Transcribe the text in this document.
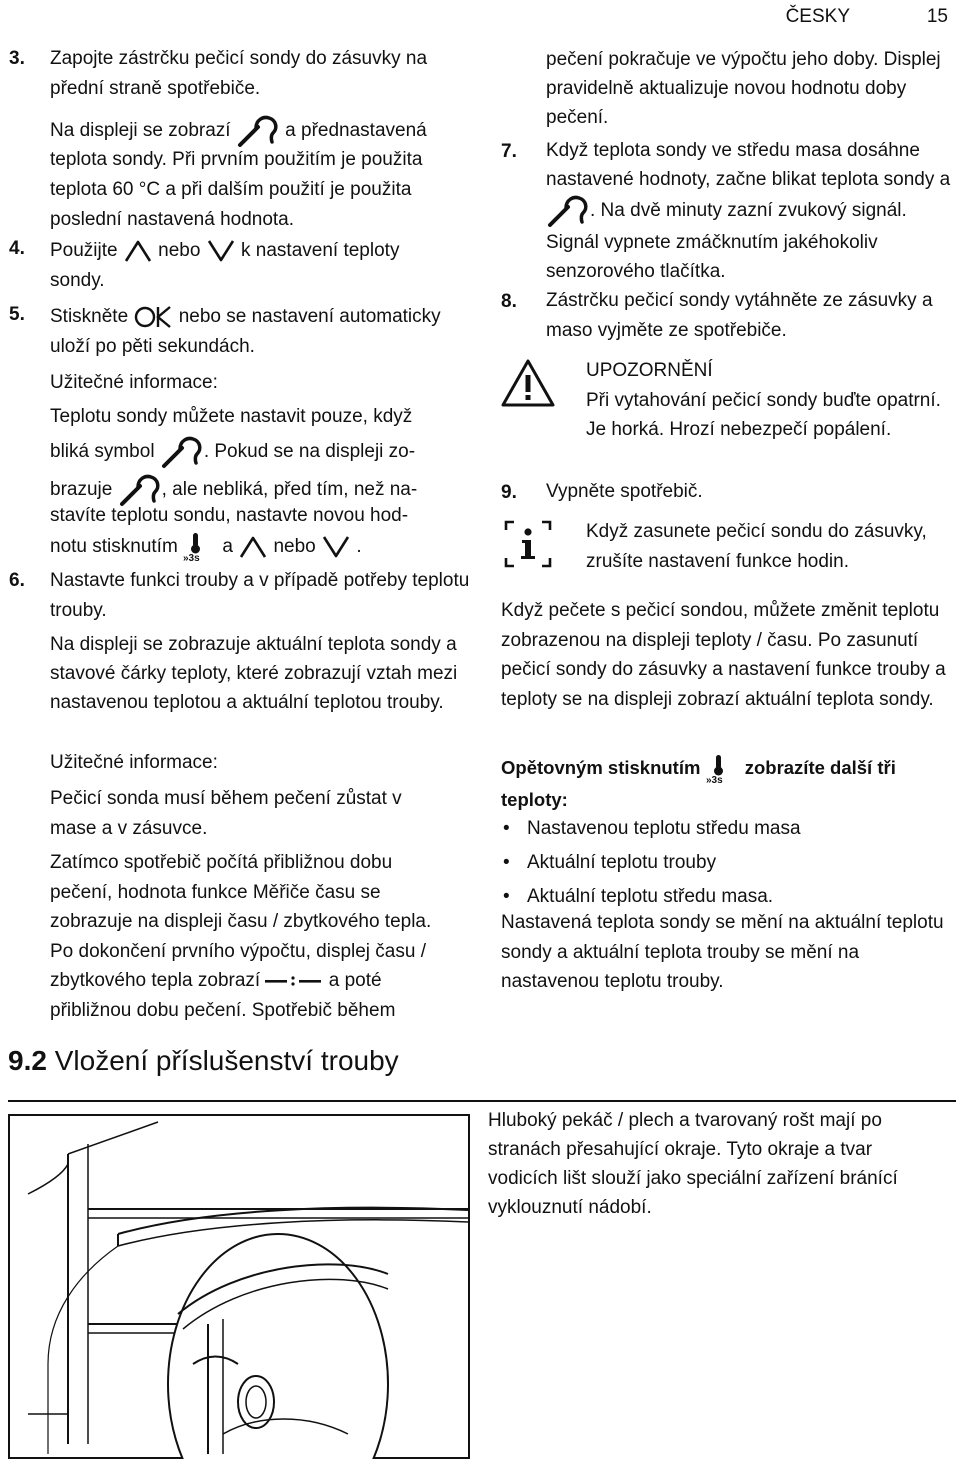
ČESKY	15
3. Zapojte zástrčku pečicí sondy do zásuvky na přední straně spotřebiče.
Na displeji se zobrazí	a přednastavená
teplota sondy. Při prvním použitím je použita teplota 60 °C a při dalším použití je použita poslední nastavená hodnota.
4. Použijte nebo k nastavení teploty
sondy.
5. Stiskněte	nebo se nastavení automaticky uloží po pěti sekundách.
Užitečné informace:
Teplotu sondy můžete nastavit pouze, když
bliká symbol	. Pokud se na displeji zo-
brazuje	, ale nebliká, před tím, než na-
stavíte teplotu sondu, nastavte novou hod-
notu stisknutím a nebo .
6. Nastavte funkci trouby a v případě potřeby teplotu trouby.
Na displeji se zobrazuje aktuální teplota sondy a stavové čárky teploty, které zobrazují vztah mezi nastavenou teplotou a aktuální teplotou trouby.
Užitečné informace:
Pečicí sonda musí během pečení zůstat v mase a v zásuvce.
Zatímco spotřebič počítá přibližnou dobu pečení, hodnota funkce Měřiče času se zobrazuje na displeji času / zbytkového tepla. Po dokončení prvního výpočtu, displej času / zbytkového tepla zobrazí	a poté přibližnou dobu pečení. Spotřebič během
pečení pokračuje ve výpočtu jeho doby. Displej pravidelně aktualizuje novou hodnotu doby pečení.
7. Když teplota sondy ve středu masa dosáhne nastavené hodnoty, začne blikat teplota sondy a . Na dvě minuty zazní zvukový signál. Signál vypnete zmáčknutím jakéhokoliv senzorového tlačítka.
8. Zástrčku pečicí sondy vytáhněte ze zásuvky a maso vyjměte ze spotřebiče.
UPOZORNĚNÍ
Při vytahování pečicí sondy buďte opatrní. Je horká. Hrozí nebezpečí popálení.
9. Vypněte spotřebič.
Když zasunete pečicí sondu do zásuvky, zrušíte nastavení funkce hodin.
Když pečete s pečicí sondou, můžete změnit teplotu zobrazenou na displeji teploty / času. Po zasunutí pečicí sondy do zásuvky a nastavení funkce trouby a teploty se na displeji zobrazí aktuální teplota sondy.
Opětovným stisknutím zobrazíte další tři teploty:
• Nastavenou teplotu středu masa
• Aktuální teplotu trouby
• Aktuální teplotu středu masa.
Nastavená teplota sondy se mění na aktuální teplotu sondy a aktuální teplota trouby se mění na nastavenou teplotu trouby.
9.2 Vložení příslušenství trouby
Hluboký pekáč / plech a tvarovaný rošt mají po stranách přesahující okraje. Tyto okraje a tvar vodicích lišt slouží jako speciální zařízení bránící vyklouznutí nádobí.
